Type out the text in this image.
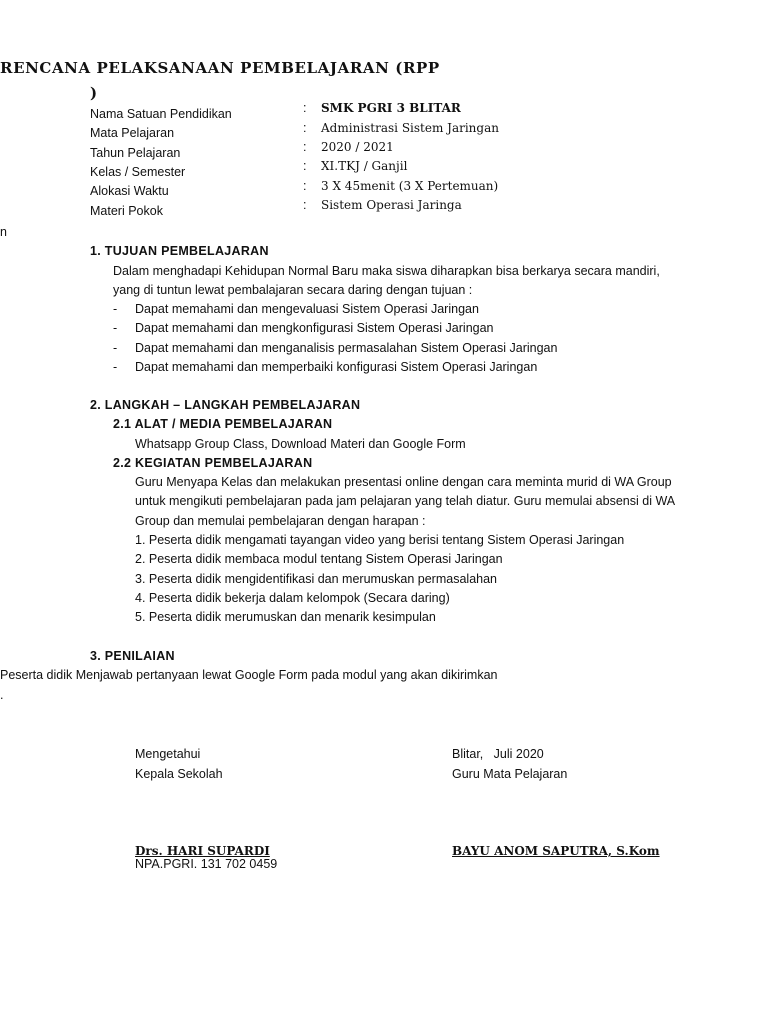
RENCANA PELAKSANAAN PEMBELAJARAN (RPP
)
Nama Satuan Pendidikan	: SMK PGRI 3 BLITAR
Mata Pelajaran	: Administrasi Sistem Jaringan
Tahun Pelajaran	: 2020 / 2021
Kelas / Semester	: XI.TKJ / Ganjil
Alokasi Waktu	: 3 X 45menit (3 X Pertemuan)
Materi Pokok	: Sistem Operasi Jaringa
n
1. TUJUAN PEMBELAJARAN
Dalam menghadapi Kehidupan Normal Baru maka siswa diharapkan bisa berkarya secara mandiri,
yang di tuntun lewat pembalajaran secara daring dengan tujuan :
- Dapat memahami dan mengevaluasi Sistem Operasi Jaringan
- Dapat memahami dan mengkonfigurasi Sistem Operasi Jaringan
- Dapat memahami dan menganalisis permasalahan Sistem Operasi Jaringan
- Dapat memahami dan memperbaiki konfigurasi Sistem Operasi Jaringan
2. LANGKAH – LANGKAH PEMBELAJARAN
2.1 ALAT / MEDIA PEMBELAJARAN
Whatsapp Group Class, Download Materi dan Google Form
2.2 KEGIATAN PEMBELAJARAN
Guru Menyapa Kelas dan melakukan presentasi online dengan cara meminta murid di WA Group
untuk mengikuti pembelajaran pada jam pelajaran yang telah diatur. Guru memulai absensi di WA
Group dan memulai pembelajaran dengan harapan :
1. Peserta didik mengamati tayangan video yang berisi tentang Sistem Operasi Jaringan
2. Peserta didik membaca modul tentang Sistem Operasi Jaringan
3. Peserta didik mengidentifikasi dan merumuskan permasalahan
4. Peserta didik bekerja dalam kelompok (Secara daring)
5. Peserta didik merumuskan dan menarik kesimpulan
3. PENILAIAN
Peserta didik Menjawab pertanyaan lewat Google Form pada modul yang akan dikirimkan
.
Mengetahui
Kepala Sekolah
Drs. HARI SUPARDI
NPA.PGRI. 131 702 0459
Blitar,   Juli 2020
Guru Mata Pelajaran
BAYU ANOM SAPUTRA, S.Kom
